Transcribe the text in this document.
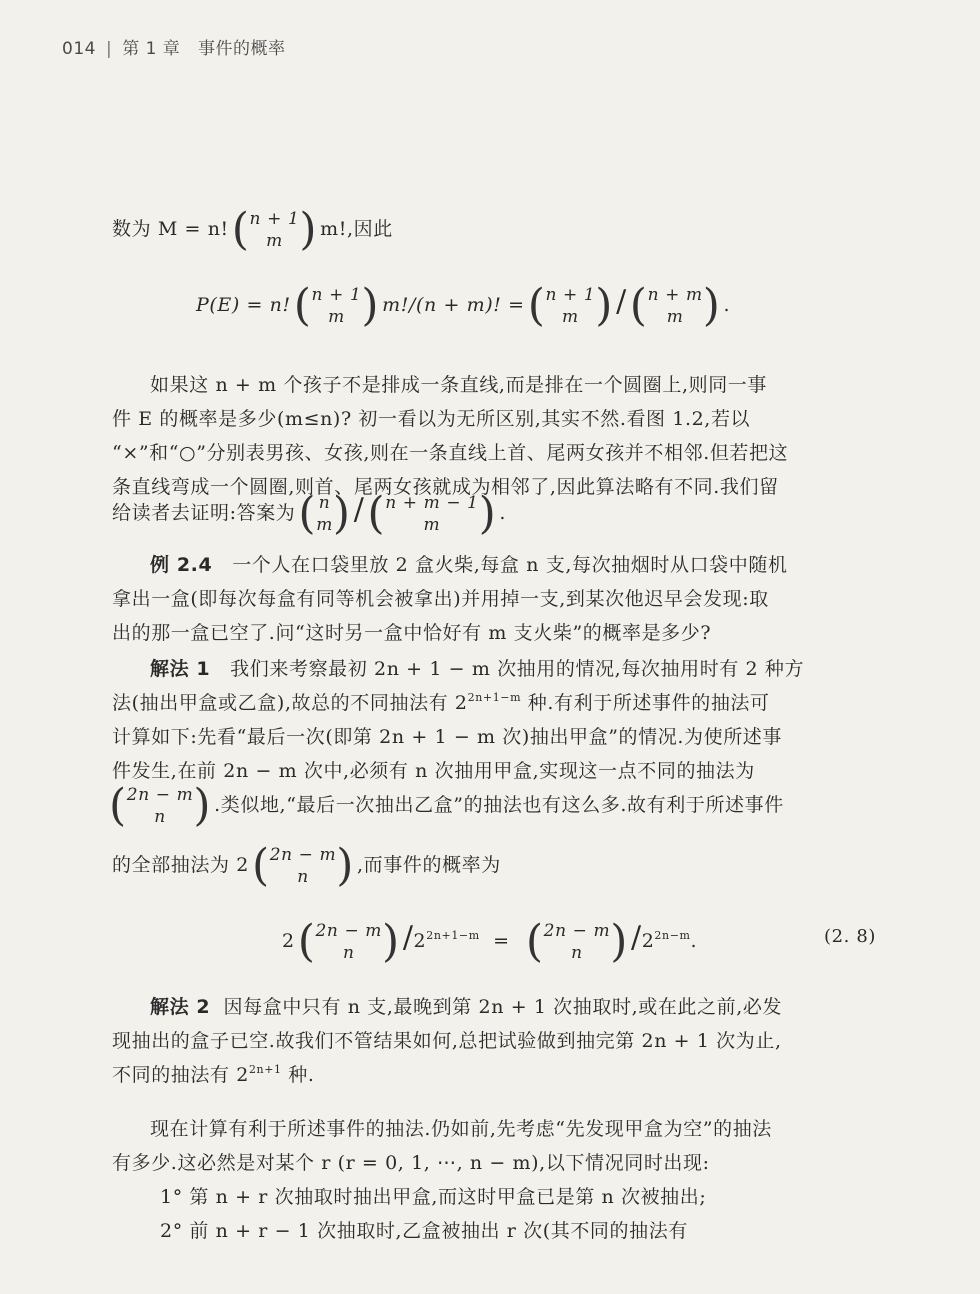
014 | 第 1 章 事件的概率
数为 M = n!(n + 1
m ) m!,因此
P(E) = n!(n + 1
m ) m!/(n + m)! =(n + 1
m ) /(n + m
m ) .
如果这 n + m 个孩子不是排成一条直线,而是排在一个圆圈上,则同一事
件 E 的概率是多少(m≤n)? 初一看以为无所区别,其实不然.看图 1.2,若以
“×”和“○”分别表男孩、女孩,则在一条直线上首、尾两女孩并不相邻.但若把这
条直线弯成一个圆圈,则首、尾两女孩就成为相邻了,因此算法略有不同.我们留
给读者去证明:答案为( n
m) /(n + m − 1
m ) .
例 2.4 一个人在口袋里放 2 盒火柴,每盒 n 支,每次抽烟时从口袋中随机
拿出一盒(即每次每盒有同等机会被拿出)并用掉一支,到某次他迟早会发现:取
出的那一盒已空了.问“这时另一盒中恰好有 m 支火柴”的概率是多少?
解法 1 我们来考察最初 2n + 1 − m 次抽用的情况,每次抽用时有 2 种方
法(抽出甲盒或乙盒),故总的不同抽法有 $2^{2n+1-m}$ 种.有利于所述事件的抽法可
计算如下:先看“最后一次(即第 2n + 1 − m 次)抽出甲盒”的情况.为使所述事
件发生,在前 2n − m 次中,必须有 n 次抽用甲盒,实现这一点不同的抽法为
(2n − m
n ) .类似地,“最后一次抽出乙盒”的抽法也有这么多.故有利于所述事件
的全部抽法为 2(2n − m
n ) ,而事件的概率为
2(2n − m
n ) $/2^{2n+1-m} = (2n - m$
n ) $/2^{2n-m}$.	(2. 8)
解法 2 因每盒中只有 n 支,最晚到第 2n + 1 次抽取时,或在此之前,必发
现抽出的盒子已空.故我们不管结果如何,总把试验做到抽完第 2n + 1 次为止,
不同的抽法有 $2^{2n+1}$ 种.
现在计算有利于所述事件的抽法.仍如前,先考虑“先发现甲盒为空”的抽法
有多少.这必然是对某个 r (r = 0, 1, ⋯, n − m),以下情况同时出现:
1° 第 n + r 次抽取时抽出甲盒,而这时甲盒已是第 n 次被抽出;
2° 前 n + r − 1 次抽取时,乙盒被抽出 r 次(其不同的抽法有
